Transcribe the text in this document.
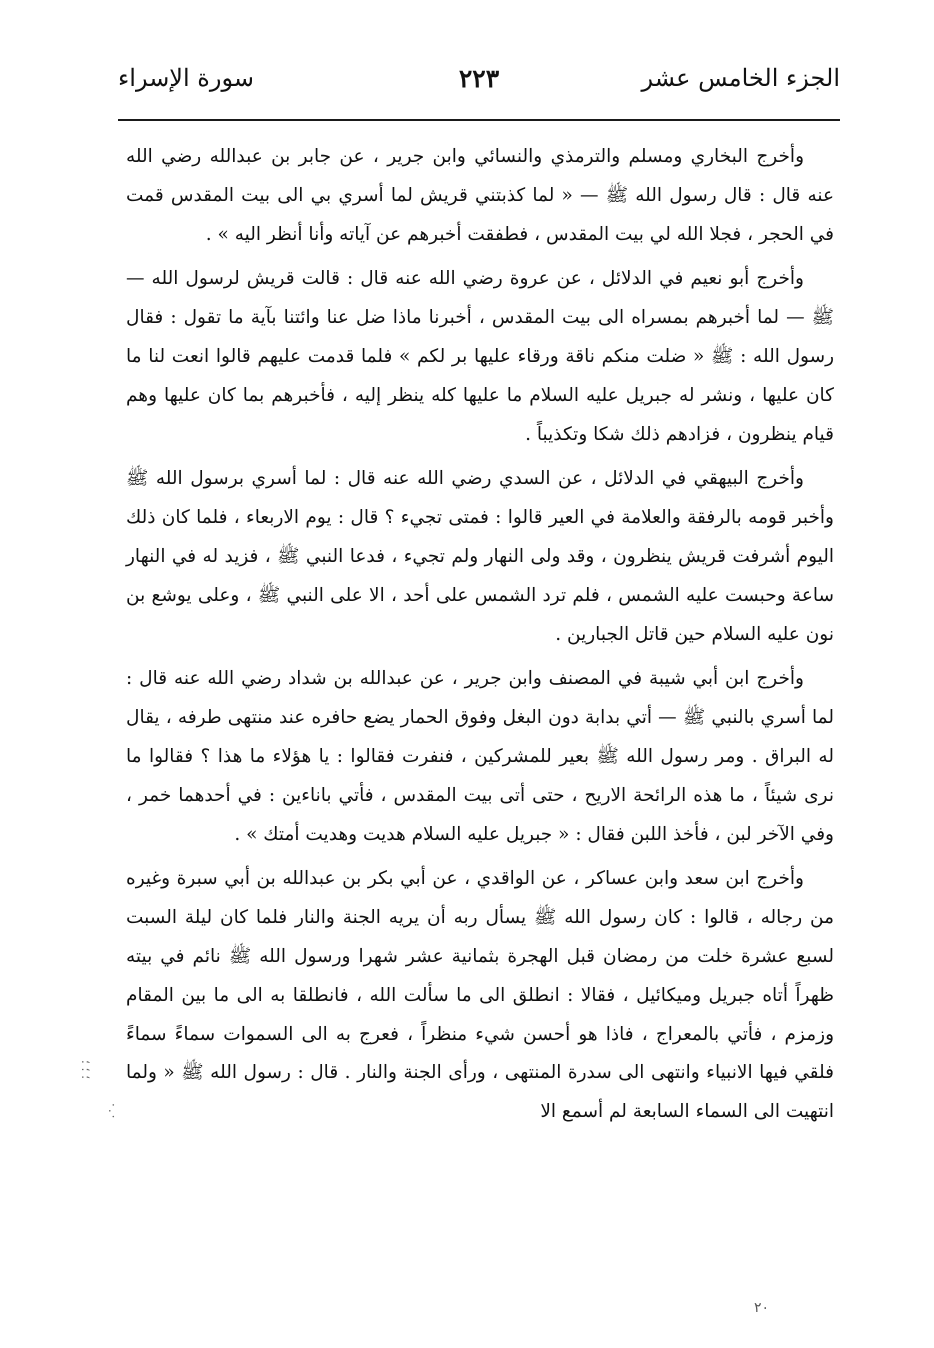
الجزء الخامس عشر
٢٢٣
سورة الإسراء

وأخرج البخاري ومسلم والترمذي والنسائي وابن جرير ، عن جابر بن عبدالله رضي الله عنه قال : قال رسول الله ﷺ — « لما كذبتني قريش لما أسري بي الى بيت المقدس قمت في الحجر ، فجلا الله لي بيت المقدس ، فطفقت أخبرهم عن آياته وأنا أنظر اليه » .

وأخرج أبو نعيم في الدلائل ، عن عروة رضي الله عنه قال : قالت قريش لرسول الله — ﷺ — لما أخبرهم بمسراه الى بيت المقدس ، أخبرنا ماذا ضل عنا وائتنا بآية ما تقول : فقال رسول الله : ﷺ « ضلت منكم ناقة ورقاء عليها بر لكم » فلما قدمت عليهم قالوا انعت لنا ما كان عليها ، ونشر له جبريل عليه السلام ما عليها كله ينظر إليه ، فأخبرهم بما كان عليها وهم قيام ينظرون ، فزادهم ذلك شكا وتكذيباً .

وأخرج البيهقي في الدلائل ، عن السدي رضي الله عنه قال : لما أسري برسول الله ﷺ وأخبر قومه بالرفقة والعلامة في العير قالوا : فمتى تجيء ؟ قال : يوم الاربعاء ، فلما كان ذلك اليوم أشرفت قريش ينظرون ، وقد ولى النهار ولم تجيء ، فدعا النبي ﷺ ، فزيد له في النهار ساعة وحبست عليه الشمس ، فلم ترد الشمس على أحد ، الا على النبي ﷺ ، وعلى يوشع بن نون عليه السلام حين قاتل الجبارين .

وأخرج ابن أبي شيبة في المصنف وابن جرير ، عن عبدالله بن شداد رضي الله عنه قال : لما أسري بالنبي ﷺ — أتي بدابة دون البغل وفوق الحمار يضع حافره عند منتهى طرفه ، يقال له البراق . ومر رسول الله ﷺ بعير للمشركين ، فنفرت فقالوا : يا هؤلاء ما هذا ؟ فقالوا ما نرى شيئاً ، ما هذه الرائحة الاريح ، حتى أتى بيت المقدس ، فأتي باناءين : في أحدهما خمر ، وفي الآخر لبن ، فأخذ اللبن فقال : « جبريل عليه السلام هديت وهديت أمتك » .

وأخرج ابن سعد وابن عساكر ، عن الواقدي ، عن أبي بكر بن عبدالله بن أبي سبرة وغيره من رجاله ، قالوا : كان رسول الله ﷺ يسأل ربه أن يريه الجنة والنار فلما كان ليلة السبت لسبع عشرة خلت من رمضان قبل الهجرة بثمانية عشر شهرا ورسول الله ﷺ نائم في بيته ظهراً أتاه جبريل وميكائيل ، فقالا : انطلق الى ما سألت الله ، فانطلقا به الى ما بين المقام وزمزم ، فأتي بالمعراج ، فاذا هو أحسن شيء منظراً ، فعرج به الى السموات سماءً سماءً فلقي فيها الانبياء وانتهى الى سدرة المنتهى ، ورأى الجنة والنار . قال : رسول الله ﷺ « ولما انتهيت الى السماء السابعة لم أسمع الا

؛ ؛ ؛
·.·
٢٠
